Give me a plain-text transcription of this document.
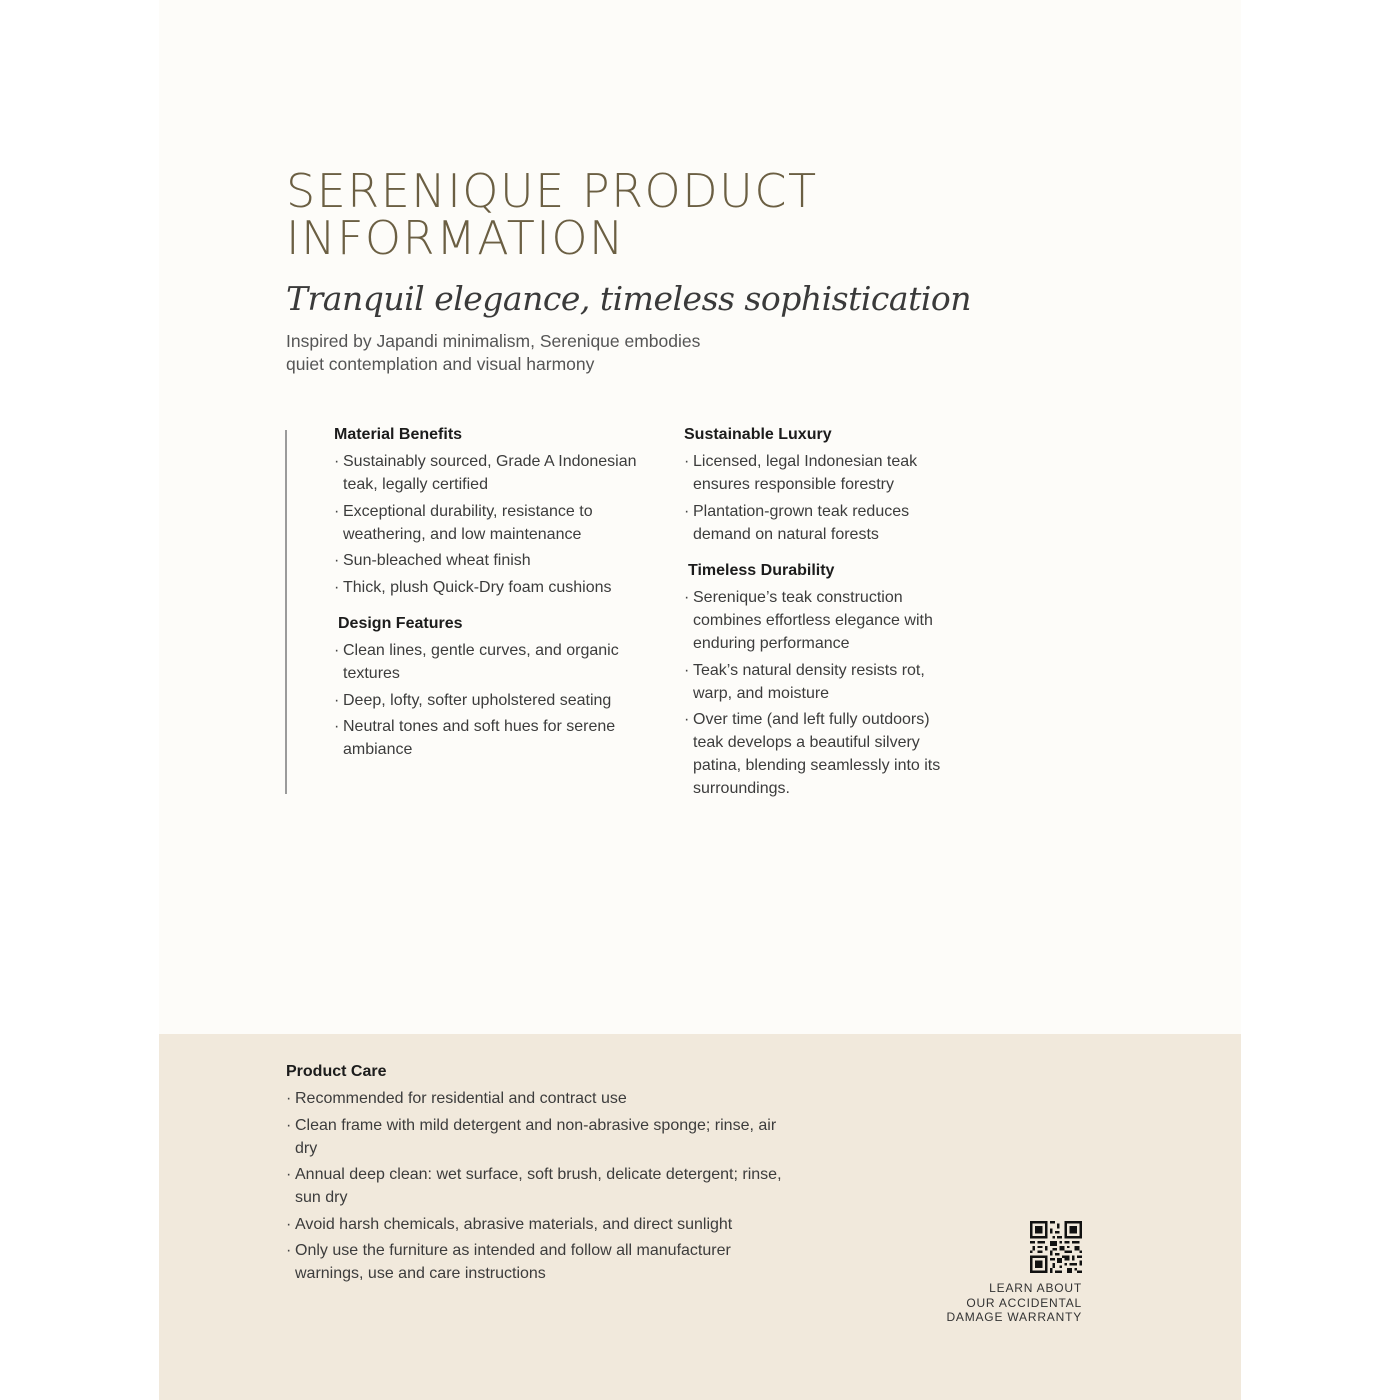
SERENIQUE PRODUCT
INFORMATION

Tranquil elegance, timeless sophistication

Inspired by Japandi minimalism, Serenique embodies
quiet contemplation and visual harmony

Material Benefits
· Sustainably sourced, Grade A Indonesian teak, legally certified
· Exceptional durability, resistance to weathering, and low maintenance
· Sun-bleached wheat finish
· Thick, plush Quick-Dry foam cushions
Design Features
· Clean lines, gentle curves, and organic textures
· Deep, lofty, softer upholstered seating
· Neutral tones and soft hues for serene ambiance
Sustainable Luxury
· Licensed, legal Indonesian teak ensures responsible forestry
· Plantation-grown teak reduces demand on natural forests
Timeless Durability
· Serenique’s teak construction combines effortless elegance with enduring performance
· Teak’s natural density resists rot, warp, and moisture
· Over time (and left fully outdoors) teak develops a beautiful silvery patina, blending seamlessly into its surroundings.
Product Care
· Recommended for residential and contract use
· Clean frame with mild detergent and non-abrasive sponge; rinse, air dry
· Annual deep clean: wet surface, soft brush, delicate detergent; rinse, sun dry
· Avoid harsh chemicals, abrasive materials, and direct sunlight
· Only use the furniture as intended and follow all manufacturer warnings, use and care instructions

LEARN ABOUT
OUR ACCIDENTAL
DAMAGE WARRANTY
